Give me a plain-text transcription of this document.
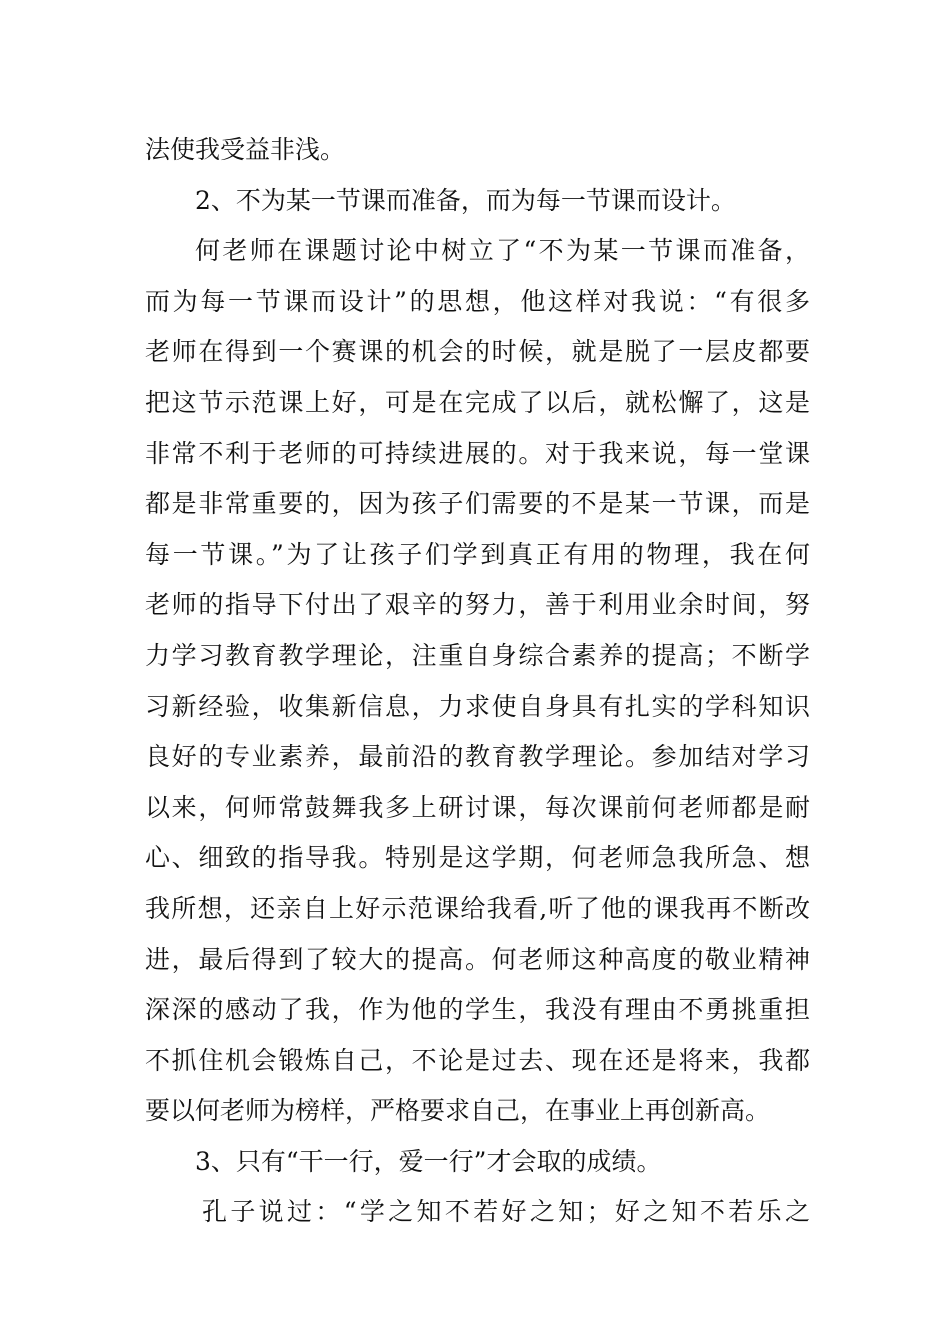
法使我受益非浅。
2、不为某一节课而准备，而为每一节课而设计。
何老师在课题讨论中树立了“不为某一节课而准备，
而为每一节课而设计”的思想，他这样对我说：“有很多
老师在得到一个赛课的机会的时候，就是脱了一层皮都要
把这节示范课上好，可是在完成了以后，就松懈了，这是
非常不利于老师的可持续进展的。对于我来说，每一堂课
都是非常重要的，因为孩子们需要的不是某一节课，而是
每一节课。”为了让孩子们学到真正有用的物理，我在何
老师的指导下付出了艰辛的努力，善于利用业余时间，努
力学习教育教学理论，注重自身综合素养的提高；不断学
习新经验，收集新信息，力求使自身具有扎实的学科知识
良好的专业素养，最前沿的教育教学理论。参加结对学习
以来，何师常鼓舞我多上研讨课，每次课前何老师都是耐
心、细致的指导我。特别是这学期，何老师急我所急、想
我所想，还亲自上好示范课给我看,听了他的课我再不断改
进，最后得到了较大的提高。何老师这种高度的敬业精神
深深的感动了我，作为他的学生，我没有理由不勇挑重担
不抓住机会锻炼自己，不论是过去、现在还是将来，我都
要以何老师为榜样，严格要求自己，在事业上再创新高。
3、只有“干一行，爱一行”才会取的成绩。
孔子说过：“学之知不若好之知；好之知不若乐之
